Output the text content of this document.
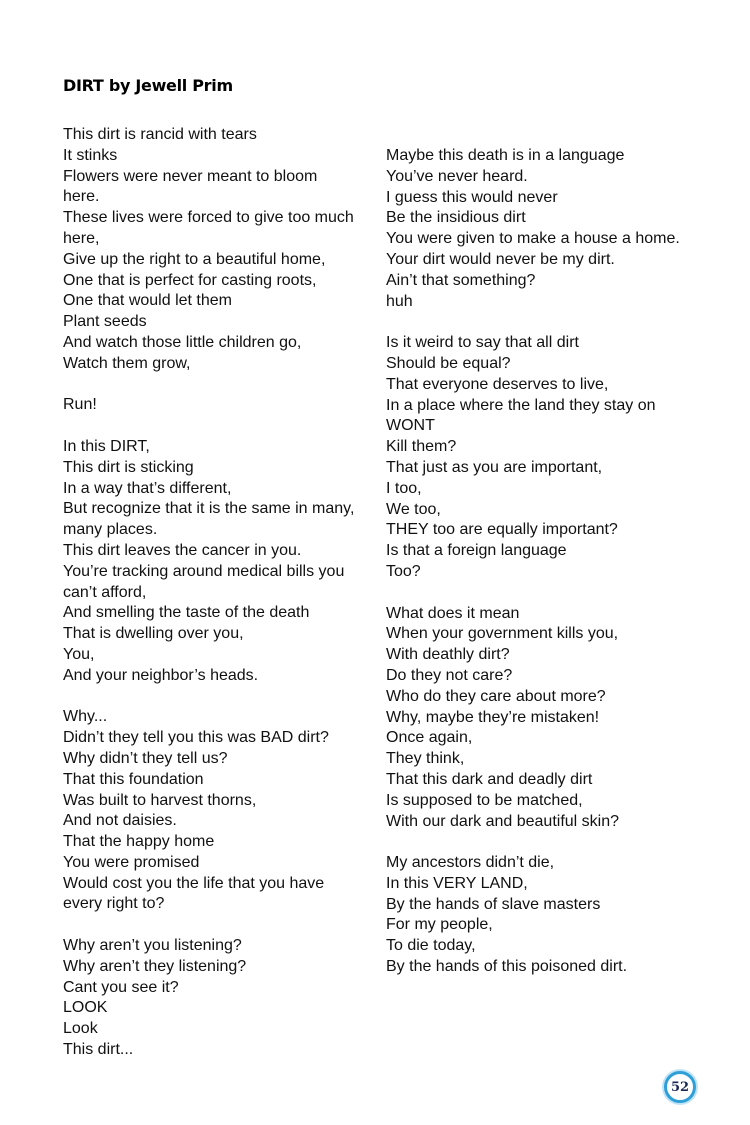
DIRT by Jewell Prim
This dirt is rancid with tears
It stinks
Flowers were never meant to bloom
here.
These lives were forced to give too much
here,
Give up the right to a beautiful home,
One that is perfect for casting roots,
One that would let them
Plant seeds
And watch those little children go,
Watch them grow,
Run!
In this DIRT,
This dirt is sticking
In a way that’s different,
But recognize that it is the same in many,
many places.
This dirt leaves the cancer in you.
You’re tracking around medical bills you
can’t afford,
And smelling the taste of the death
That is dwelling over you,
You,
And your neighbor’s heads.
Why...
Didn’t they tell you this was BAD dirt?
Why didn’t they tell us?
That this foundation
Was built to harvest thorns,
And not daisies.
That the happy home
You were promised
Would cost you the life that you have
every right to?
Why aren’t you listening?
Why aren’t they listening?
Cant you see it?
LOOK
Look
This dirt...
Maybe this death is in a language
You’ve never heard.
I guess this would never
Be the insidious dirt
You were given to make a house a home.
Your dirt would never be my dirt.
Ain’t that something?
huh
Is it weird to say that all dirt
Should be equal?
That everyone deserves to live,
In a place where the land they stay on
WONT
Kill them?
That just as you are important,
I too,
We too,
THEY too are equally important?
Is that a foreign language
Too?
What does it mean
When your government kills you,
With deathly dirt?
Do they not care?
Who do they care about more?
Why, maybe they’re mistaken!
Once again,
They think,
That this dark and deadly dirt
Is supposed to be matched,
With our dark and beautiful skin?
My ancestors didn’t die,
In this VERY LAND,
By the hands of slave masters
For my people,
To die today,
By the hands of this poisoned dirt.
52
